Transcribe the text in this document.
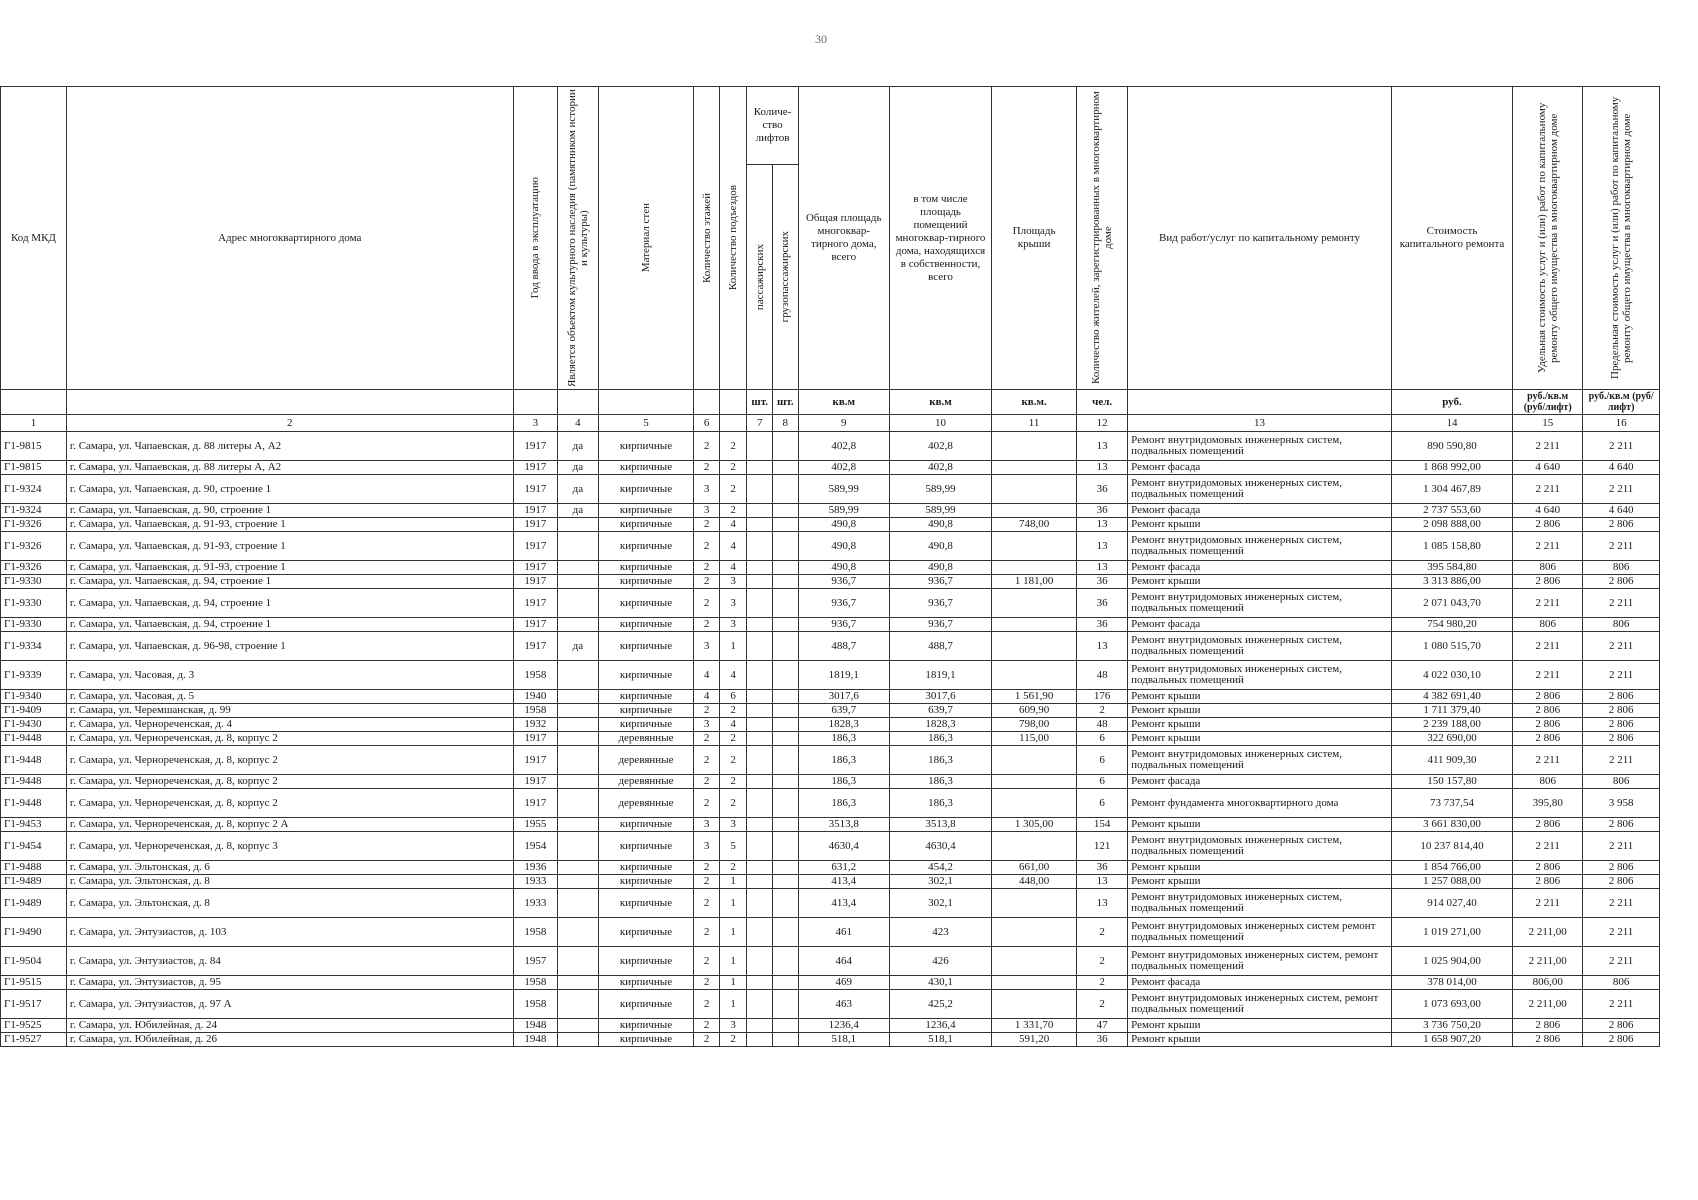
30
Код МКД	Адрес многоквартирного дома	Год ввода в эксплуатацию	Является объектом культурного наследия (памятником истории и культуры)	Материал стен	Количество этажей	Количество подъездов	Количе-ство лифтов		Общая площадь многоквар-тирного дома, всего	в том числе площадь помещений многоквар-тирного дома, находящихся в собственности, всего	Площадь крыши	Количество жителей, зарегистрированных в многоквартирном доме	Вид работ/услуг по капитальному ремонту	Стоимость капитального ремонта	Удельная стоимость услуг и (или) работ по капитальному ремонту общего имущества в многоквартирном доме	Предельная стоимость услуг и (или) работ по капитальному ремонту общего имущества в многоквартирном доме

							пассажирских	грузопассажирских								

							шт.	шт.	кв.м	кв.м	кв.м.	чел.		руб.	руб./кв.м (руб/лифт)	руб./кв.м (руб/лифт)
1	2	3	4	5	6		7	8	9	10	11	12	13	14	15	16
Г1-9815	г. Самара, ул. Чапаевская, д. 88 литеры А, А2	1917	да	кирпичные	2	2			402,8	402,8		13	Ремонт внутридомовых инженерных систем, подвальных помещений	890 590,80	2 211	2 211
Г1-9815	г. Самара, ул. Чапаевская, д. 88 литеры А, А2	1917	да	кирпичные	2	2			402,8	402,8		13	Ремонт фасада	1 868 992,00	4 640	4 640
Г1-9324	г. Самара, ул. Чапаевская, д. 90, строение 1	1917	да	кирпичные	3	2			589,99	589,99		36	Ремонт внутридомовых инженерных систем, подвальных помещений	1 304 467,89	2 211	2 211
Г1-9324	г. Самара, ул. Чапаевская, д. 90, строение 1	1917	да	кирпичные	3	2			589,99	589,99		36	Ремонт фасада	2 737 553,60	4 640	4 640
Г1-9326	г. Самара, ул. Чапаевская, д. 91-93, строение 1	1917		кирпичные	2	4			490,8	490,8	748,00	13	Ремонт крыши	2 098 888,00	2 806	2 806
Г1-9326	г. Самара, ул. Чапаевская, д. 91-93, строение 1	1917		кирпичные	2	4			490,8	490,8		13	Ремонт внутридомовых инженерных систем, подвальных помещений	1 085 158,80	2 211	2 211
Г1-9326	г. Самара, ул. Чапаевская, д. 91-93, строение 1	1917		кирпичные	2	4			490,8	490,8		13	Ремонт фасада	395 584,80	806	806
Г1-9330	г. Самара, ул. Чапаевская, д. 94, строение 1	1917		кирпичные	2	3			936,7	936,7	1 181,00	36	Ремонт крыши	3 313 886,00	2 806	2 806
Г1-9330	г. Самара, ул. Чапаевская, д. 94, строение 1	1917		кирпичные	2	3			936,7	936,7		36	Ремонт внутридомовых инженерных систем, подвальных помещений	2 071 043,70	2 211	2 211
Г1-9330	г. Самара, ул. Чапаевская, д. 94, строение 1	1917		кирпичные	2	3			936,7	936,7		36	Ремонт фасада	754 980,20	806	806
Г1-9334	г. Самара, ул. Чапаевская, д. 96-98, строение 1	1917	да	кирпичные	3	1			488,7	488,7		13	Ремонт внутридомовых инженерных систем, подвальных помещений	1 080 515,70	2 211	2 211
Г1-9339	г. Самара, ул. Часовая, д. 3	1958		кирпичные	4	4			1819,1	1819,1		48	Ремонт внутридомовых инженерных систем, подвальных помещений	4 022 030,10	2 211	2 211
Г1-9340	г. Самара, ул. Часовая, д. 5	1940		кирпичные	4	6			3017,6	3017,6	1 561,90	176	Ремонт крыши	4 382 691,40	2 806	2 806
Г1-9409	г. Самара, ул. Черемшанская, д. 99	1958		кирпичные	2	2			639,7	639,7	609,90	2	Ремонт крыши	1 711 379,40	2 806	2 806
Г1-9430	г. Самара, ул. Чернореченская, д. 4	1932		кирпичные	3	4			1828,3	1828,3	798,00	48	Ремонт крыши	2 239 188,00	2 806	2 806
Г1-9448	г. Самара, ул. Чернореченская, д. 8, корпус 2	1917		деревянные	2	2			186,3	186,3	115,00	6	Ремонт крыши	322 690,00	2 806	2 806
Г1-9448	г. Самара, ул. Чернореченская, д. 8, корпус 2	1917		деревянные	2	2			186,3	186,3		6	Ремонт внутридомовых инженерных систем, подвальных помещений	411 909,30	2 211	2 211
Г1-9448	г. Самара, ул. Чернореченская, д. 8, корпус 2	1917		деревянные	2	2			186,3	186,3		6	Ремонт фасада	150 157,80	806	806
Г1-9448	г. Самара, ул. Чернореченская, д. 8, корпус 2	1917		деревянные	2	2			186,3	186,3		6	Ремонт фундамента многоквартирного дома	73 737,54	395,80	3 958
Г1-9453	г. Самара, ул. Чернореченская, д. 8, корпус 2 А	1955		кирпичные	3	3			3513,8	3513,8	1 305,00	154	Ремонт крыши	3 661 830,00	2 806	2 806
Г1-9454	г. Самара, ул. Чернореченская, д. 8, корпус 3	1954		кирпичные	3	5			4630,4	4630,4		121	Ремонт внутридомовых инженерных систем, подвальных помещений	10 237 814,40	2 211	2 211
Г1-9488	г. Самара, ул. Эльтонская, д. 6	1936		кирпичные	2	2			631,2	454,2	661,00	36	Ремонт крыши	1 854 766,00	2 806	2 806
Г1-9489	г. Самара, ул. Эльтонская, д. 8	1933		кирпичные	2	1			413,4	302,1	448,00	13	Ремонт крыши	1 257 088,00	2 806	2 806
Г1-9489	г. Самара, ул. Эльтонская, д. 8	1933		кирпичные	2	1			413,4	302,1		13	Ремонт внутридомовых инженерных систем, подвальных помещений	914 027,40	2 211	2 211
Г1-9490	г. Самара, ул. Энтузиастов, д. 103	1958		кирпичные	2	1			461	423		2	Ремонт внутридомовых инженерных систем ремонт подвальных помещений	1 019 271,00	2 211,00	2 211
Г1-9504	г. Самара, ул. Энтузиастов, д. 84	1957		кирпичные	2	1			464	426		2	Ремонт внутридомовых инженерных систем, ремонт подвальных помещений	1 025 904,00	2 211,00	2 211
Г1-9515	г. Самара, ул. Энтузиастов, д. 95	1958		кирпичные	2	1			469	430,1		2	Ремонт фасада	378 014,00	806,00	806
Г1-9517	г. Самара, ул. Энтузиастов, д. 97 А	1958		кирпичные	2	1			463	425,2		2	Ремонт внутридомовых инженерных систем, ремонт подвальных помещений	1 073 693,00	2 211,00	2 211
Г1-9525	г. Самара, ул. Юбилейная, д. 24	1948		кирпичные	2	3			1236,4	1236,4	1 331,70	47	Ремонт крыши	3 736 750,20	2 806	2 806
Г1-9527	г. Самара, ул. Юбилейная, д. 26	1948		кирпичные	2	2			518,1	518,1	591,20	36	Ремонт крыши	1 658 907,20	2 806	2 806
